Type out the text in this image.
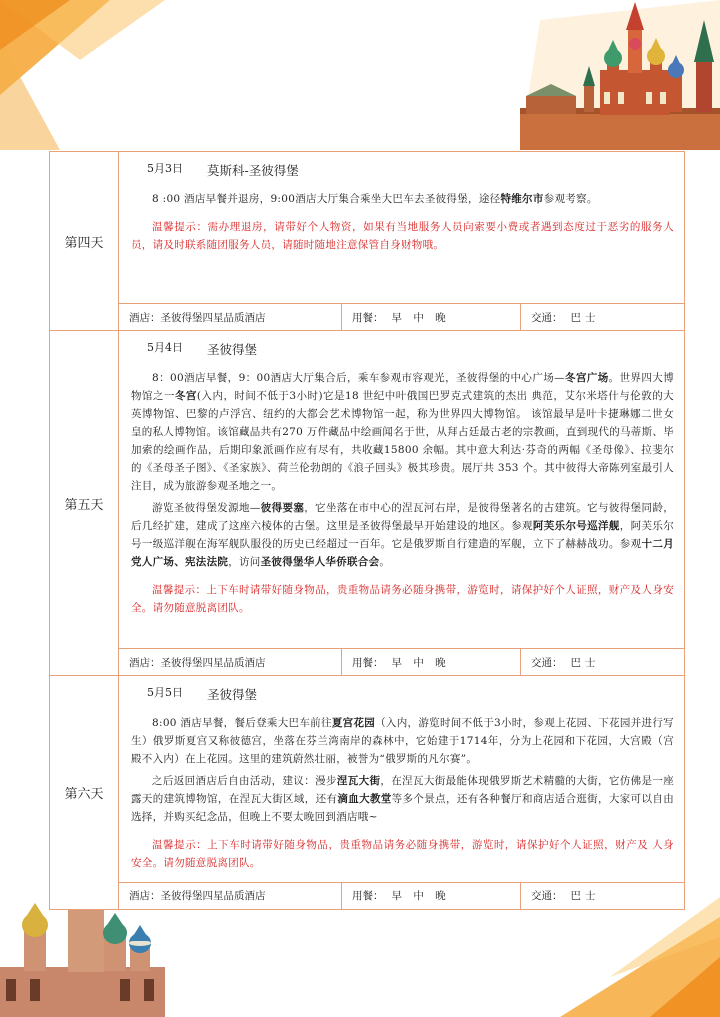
第四天
5月3日 莫斯科-圣彼得堡

8 :00 酒店早餐并退房，9:00酒店大厅集合乘坐大巴车去圣彼得堡，途径特维尔市参观考察。

温馨提示：需办理退房，请带好个人物资，如果有当地服务人员向索要小费或者遇到态度过于恶劣的服务人员，请及时联系随团服务人员，请随时随地注意保管自身财物哦。

酒店： 圣彼得堡四星品质酒店	用餐： 早 中 晚	交通： 巴士
第五天
5月4日 圣彼得堡

8：00酒店早餐，9：00酒店大厅集合后，乘车参观市容观光，圣彼得堡的中心广场—冬宫广场。世界四大博物馆之一冬宫(入内，时间不低于3小时)它是18 世纪中叶俄国巴罗克式建筑的杰出 典范，艾尔米塔什与伦敦的大英博物馆、巴黎的卢浮宫、纽约的大都会艺术博物馆一起，称为世界四大博物馆。 该馆最早是叶卡捷琳娜二世女皇的私人博物馆。该馆藏品共有270 万件藏品中绘画闻名于世，从拜占廷最古老的宗教画，直到现代的马蒂斯、毕加索的绘画作品，后期印象派画作应有尽有，共收藏15800 余幅。其中意大利达·芬奇的两幅《圣母像》、拉斐尔的《圣母圣子图》、《圣家族》、荷兰伦勃朗的《浪子回头》极其珍贵。展厅共 353 个。其中彼得大帝陈列室最引人注目，成为旅游参观圣地之一。

游览圣彼得堡发源地—彼得要塞，它坐落在市中心的涅瓦河右岸，是彼得堡著名的古建筑。它与彼得堡同龄，后几经扩建，建成了这座六棱体的古堡。这里是圣彼得堡最早开始建设的地区。参观阿芙乐尔号巡洋舰，阿芙乐尔号一级巡洋舰在海军舰队服役的历史已经超过一百年。它是俄罗斯自行建造的军舰，立下了赫赫战功。参观十二月党人广场、宪法法院，访问圣彼得堡华人华侨联合会。

温馨提示：上下车时请带好随身物品，贵重物品请务必随身携带，游览时，请保护好个人证照，财产及人身安全。请勿随意脱离团队。

酒店： 圣彼得堡四星品质酒店	用餐： 早 中 晚	交通： 巴士
第六天
5月5日 圣彼得堡

8:00 酒店早餐，餐后登乘大巴车前往夏宫花园（入内，游览时间不低于3小时，参观上花园、下花园并进行写生）俄罗斯夏宫又称彼德宫，坐落在芬兰湾南岸的森林中，它始建于1714年，分为上花园和下花园，大宫殿（宫殿不入内）在上花园。这里的建筑蔚然壮丽，被誉为“俄罗斯的凡尔赛”。

之后返回酒店后自由活动，建议：漫步涅瓦大街，在涅瓦大街最能体现俄罗斯艺术精髓的大街，它仿佛是一座露天的建筑博物馆，在涅瓦大街区域，还有滴血大教堂等多个景点，还有各种餐厅和商店适合逛街，大家可以自由选择，并购买纪念品，但晚上不要太晚回到酒店哦~

温馨提示：上下车时请带好随身物品，贵重物品请务必随身携带，游览时，请保护好个人证照，财产及 人身安全。请勿随意脱离团队。

酒店： 圣彼得堡四星品质酒店	用餐： 早 中 晚	交通： 巴士
